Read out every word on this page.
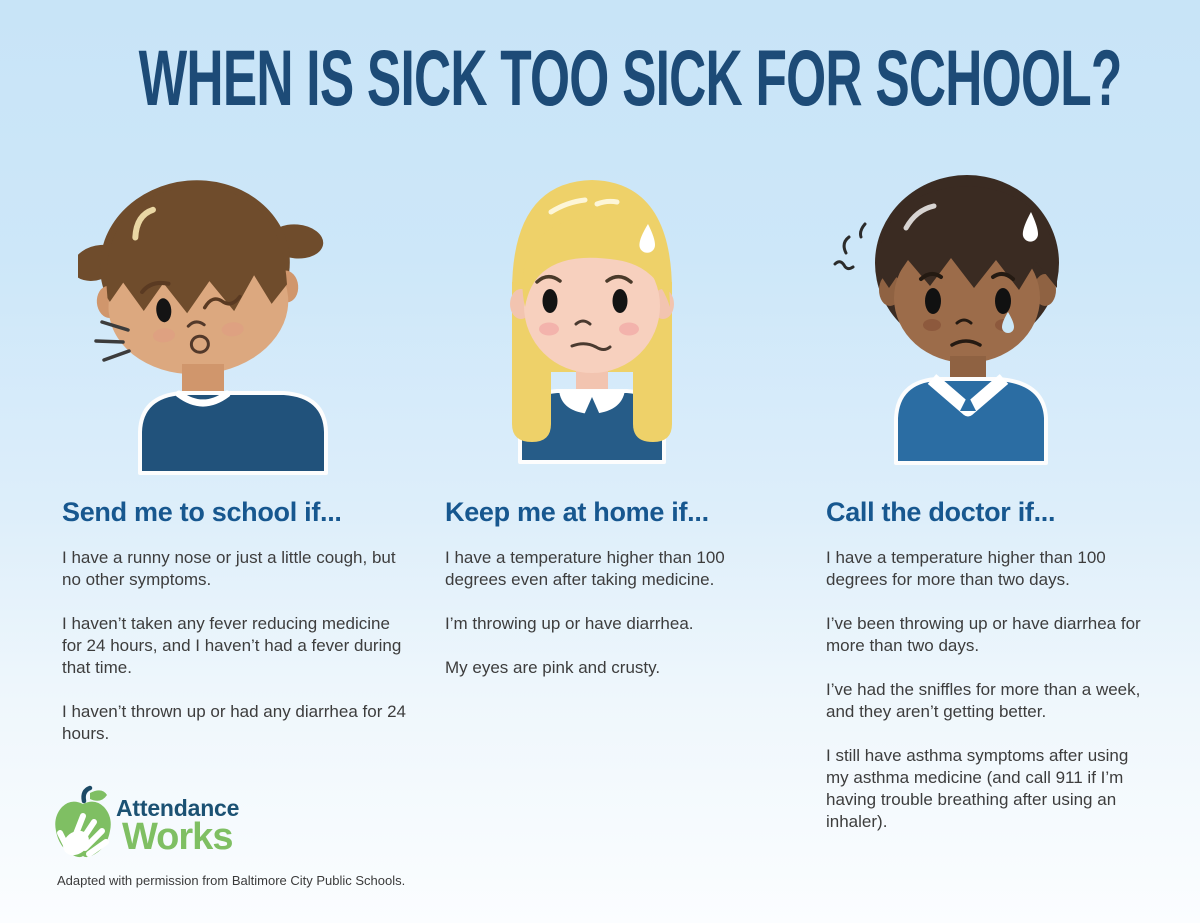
WHEN IS SICK TOO SICK FOR SCHOOL?
Send me to school if...

I have a runny nose or just a little cough, but no other symptoms.

I haven’t taken any fever reducing medicine for 24 hours, and I haven’t had a fever during that time.

I haven’t thrown up or had any diarrhea for 24 hours.

Keep me at home if...

I have a temperature higher than 100 degrees even after taking medicine.

I’m throwing up or have diarrhea.

My eyes are pink and crusty.

Call the doctor if...

I have a temperature higher than 100 degrees for more than two days.

I’ve been throwing up or have diarrhea for more than two days.

I’ve had the sniffles for more than a week, and they aren’t getting better.

I still have asthma symptoms after using my asthma medicine (and call 911 if I’m having trouble breathing after using an inhaler).

Attendance
Works

Adapted with permission from Baltimore City Public Schools.
